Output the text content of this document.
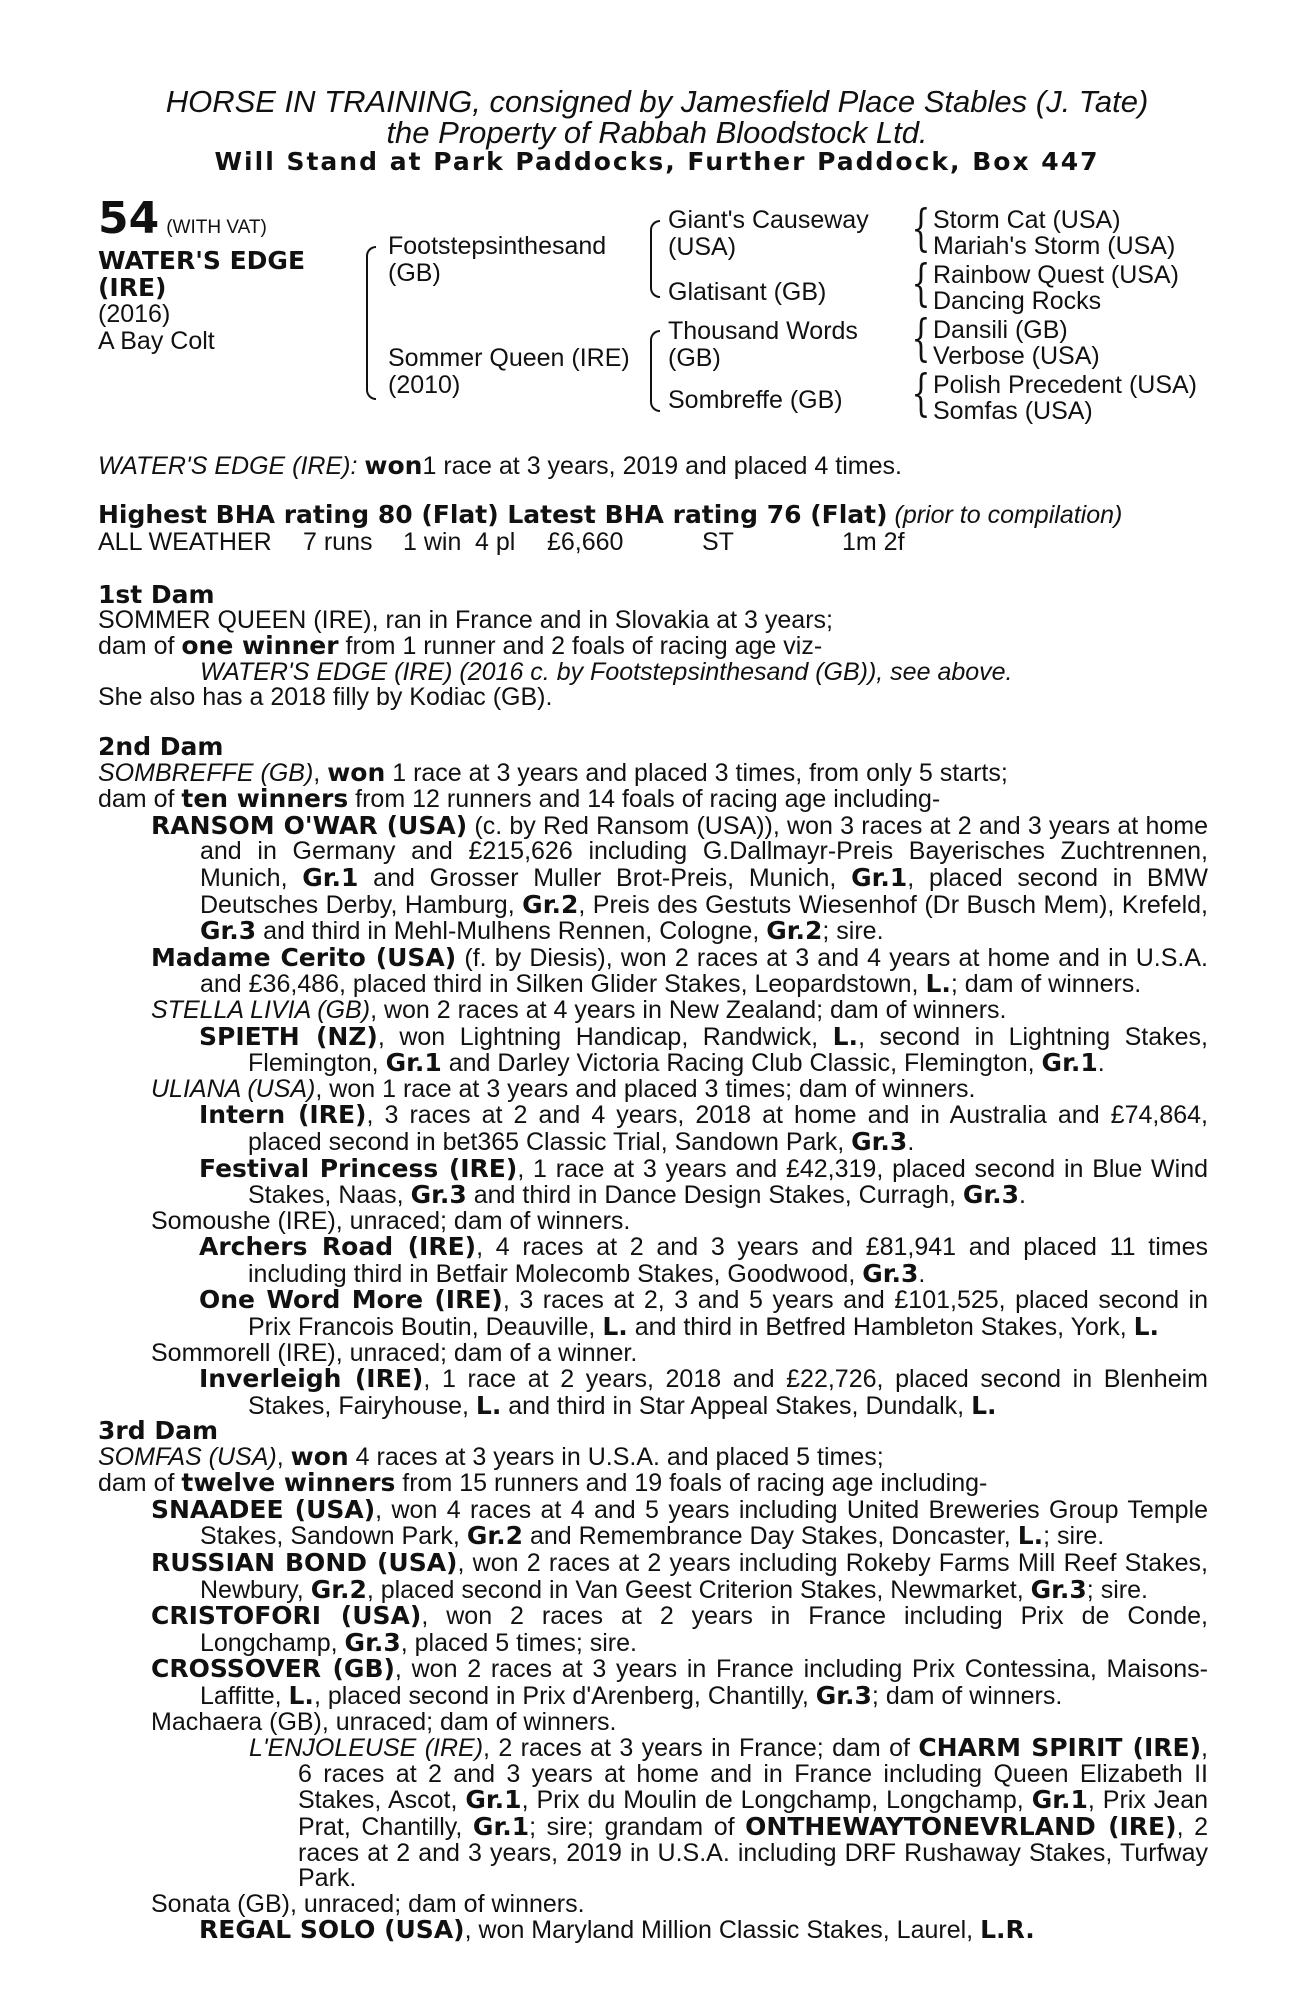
HORSE IN TRAINING, consigned by Jamesfield Place Stables (J. Tate)
the Property of Rabbah Bloodstock Ltd.
Will Stand at Park Paddocks, Further Paddock, Box 447
54 (WITH VAT)
WATER'S EDGE
(IRE)
(2016)
A Bay Colt
Footstepsinthesand
(GB)
Sommer Queen (IRE)
(2010)
Giant's Causeway
(USA)
Glatisant (GB)
Thousand Words
(GB)
Sombreffe (GB)
{
{
{
{
Storm Cat (USA)
Mariah's Storm (USA)
Rainbow Quest (USA)
Dancing Rocks
Dansili (GB)
Verbose (USA)
Polish Precedent (USA)
Somfas (USA)
WATER'S EDGE (IRE): won1 race at 3 years, 2019 and placed 4 times.
Highest BHA rating 80 (Flat) Latest BHA rating 76 (Flat) (prior to compilation)
ALL WEATHER 7 runs 1 win 4 pl £6,660	ST	1m 2f
1st Dam
SOMMER QUEEN (IRE), ran in France and in Slovakia at 3 years;
dam of one winner from 1 runner and 2 foals of racing age viz-
WATER'S EDGE (IRE) (2016 c. by Footstepsinthesand (GB)), see above.
She also has a 2018 filly by Kodiac (GB).
2nd Dam
SOMBREFFE (GB), won 1 race at 3 years and placed 3 times, from only 5 starts;
dam of ten winners from 12 runners and 14 foals of racing age including-
RANSOM O'WAR (USA) (c. by Red Ransom (USA)), won 3 races at 2 and 3 years at home and in Germany and £215,626 including G.Dallmayr-Preis Bayerisches Zuchtrennen, Munich, Gr.1 and Grosser Muller Brot-Preis, Munich, Gr.1, placed second in BMW Deutsches Derby, Hamburg, Gr.2, Preis des Gestuts Wiesenhof (Dr Busch Mem), Krefeld, Gr.3 and third in Mehl-Mulhens Rennen, Cologne, Gr.2; sire.
Madame Cerito (USA) (f. by Diesis), won 2 races at 3 and 4 years at home and in U.S.A. and £36,486, placed third in Silken Glider Stakes, Leopardstown, L.; dam of winners.
STELLA LIVIA (GB), won 2 races at 4 years in New Zealand; dam of winners.
SPIETH (NZ), won Lightning Handicap, Randwick, L., second in Lightning Stakes, Flemington, Gr.1 and Darley Victoria Racing Club Classic, Flemington, Gr.1.
ULIANA (USA), won 1 race at 3 years and placed 3 times; dam of winners.
Intern (IRE), 3 races at 2 and 4 years, 2018 at home and in Australia and £74,864, placed second in bet365 Classic Trial, Sandown Park, Gr.3.
Festival Princess (IRE), 1 race at 3 years and £42,319, placed second in Blue Wind Stakes, Naas, Gr.3 and third in Dance Design Stakes, Curragh, Gr.3.
Somoushe (IRE), unraced; dam of winners.
Archers Road (IRE), 4 races at 2 and 3 years and £81,941 and placed 11 times including third in Betfair Molecomb Stakes, Goodwood, Gr.3.
One Word More (IRE), 3 races at 2, 3 and 5 years and £101,525, placed second in Prix Francois Boutin, Deauville, L. and third in Betfred Hambleton Stakes, York, L.
Sommorell (IRE), unraced; dam of a winner.
Inverleigh (IRE), 1 race at 2 years, 2018 and £22,726, placed second in Blenheim Stakes, Fairyhouse, L. and third in Star Appeal Stakes, Dundalk, L.
3rd Dam
SOMFAS (USA), won 4 races at 3 years in U.S.A. and placed 5 times;
dam of twelve winners from 15 runners and 19 foals of racing age including-
SNAADEE (USA), won 4 races at 4 and 5 years including United Breweries Group Temple Stakes, Sandown Park, Gr.2 and Remembrance Day Stakes, Doncaster, L.; sire.
RUSSIAN BOND (USA), won 2 races at 2 years including Rokeby Farms Mill Reef Stakes, Newbury, Gr.2, placed second in Van Geest Criterion Stakes, Newmarket, Gr.3; sire.
CRISTOFORI (USA), won 2 races at 2 years in France including Prix de Conde, Longchamp, Gr.3, placed 5 times; sire.
CROSSOVER (GB), won 2 races at 3 years in France including Prix Contessina, Maisons-Laffitte, L., placed second in Prix d'Arenberg, Chantilly, Gr.3; dam of winners.
Machaera (GB), unraced; dam of winners.
L'ENJOLEUSE (IRE), 2 races at 3 years in France; dam of CHARM SPIRIT (IRE), 6 races at 2 and 3 years at home and in France including Queen Elizabeth II Stakes, Ascot, Gr.1, Prix du Moulin de Longchamp, Longchamp, Gr.1, Prix Jean Prat, Chantilly, Gr.1; sire; grandam of ONTHEWAYTONEVRLAND (IRE), 2 races at 2 and 3 years, 2019 in U.S.A. including DRF Rushaway Stakes, Turfway Park.
Sonata (GB), unraced; dam of winners.
REGAL SOLO (USA), won Maryland Million Classic Stakes, Laurel, L.R.
